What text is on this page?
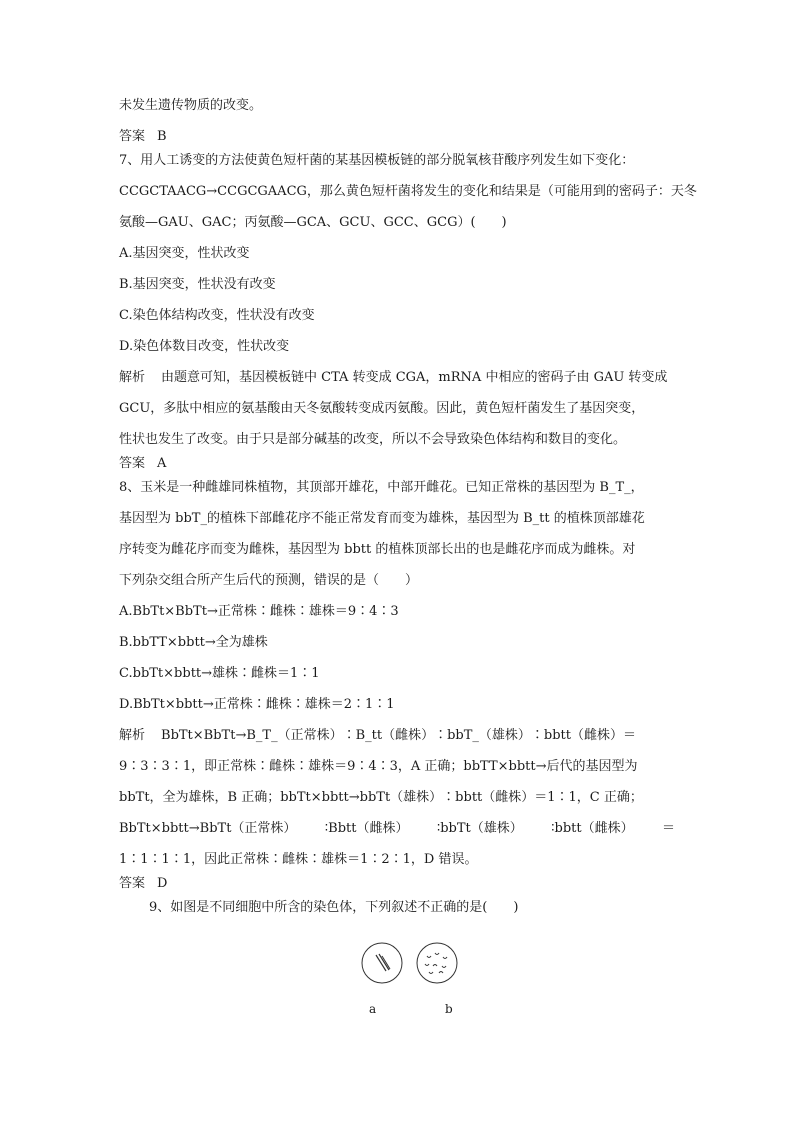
未发生遗传物质的改变。

答案 B

7、用人工诱变的方法使黄色短杆菌的某基因模板链的部分脱氧核苷酸序列发生如下变化：

CCGCTAACG→CCGCGAACG，那么黄色短杆菌将发生的变化和结果是（可能用到的密码子：天冬

氨酸—GAU、GAC；丙氨酸—GCA、GCU、GCC、GCG）(　　)

A.基因突变，性状改变

B.基因突变，性状没有改变

C.染色体结构改变，性状没有改变

D.染色体数目改变，性状改变

解析 由题意可知，基因模板链中 CTA 转变成 CGA，mRNA 中相应的密码子由 GAU 转变成

GCU，多肽中相应的氨基酸由天冬氨酸转变成丙氨酸。因此，黄色短杆菌发生了基因突变，

性状也发生了改变。由于只是部分碱基的改变，所以不会导致染色体结构和数目的变化。

答案 A

8、玉米是一种雌雄同株植物，其顶部开雄花，中部开雌花。已知正常株的基因型为 B_T_，

基因型为 bbT_的植株下部雌花序不能正常发育而变为雄株，基因型为 B_tt 的植株顶部雄花

序转变为雌花序而变为雌株，基因型为 bbtt 的植株顶部长出的也是雌花序而成为雌株。对

下列杂交组合所产生后代的预测，错误的是（　　）

A.BbTt×BbTt→正常株∶雌株∶雄株＝9∶4∶3

B.bbTT×bbtt→全为雄株

C.bbTt×bbtt→雄株∶雌株＝1∶1

D.BbTt×bbtt→正常株∶雌株∶雄株＝2∶1∶1

解析 BbTt×BbTt→B_T_（正常株）∶B_tt（雌株）∶bbT_（雄株）∶bbtt（雌株）＝

9∶3∶3∶1，即正常株∶雌株∶雄株＝9∶4∶3，A 正确；bbTT×bbtt→后代的基因型为

bbTt，全为雄株，B 正确；bbTt×bbtt→bbTt（雄株）∶bbtt（雌株）＝1∶1，C 正确；

BbTt×bbtt→BbTt（正常株） ∶Bbtt（雌株） ∶bbTt（雄株） ∶bbtt（雌株） ＝

1∶1∶1∶1，因此正常株∶雌株∶雄株＝1∶2∶1，D 错误。

答案 D

9、如图是不同细胞中所含的染色体，下列叙述不正确的是(　　)

a	b
